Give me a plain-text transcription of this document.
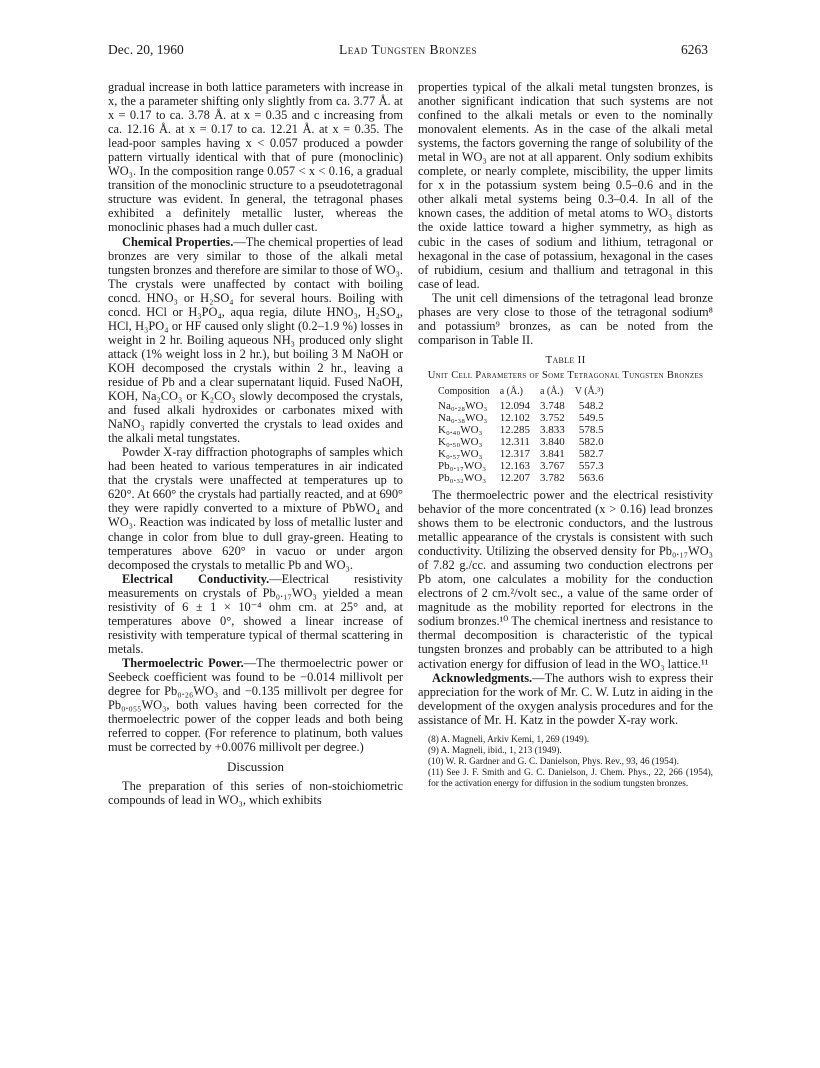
Dec. 20, 1960	Lead Tungsten Bronzes	6263

gradual increase in both lattice parameters with increase in x, the a parameter shifting only slightly from ca. 3.77 Å. at x = 0.17 to ca. 3.78 Å. at x = 0.35 and c increasing from ca. 12.16 Å. at x = 0.17 to ca. 12.21 Å. at x = 0.35. The lead-poor samples having x < 0.057 produced a powder pattern virtually identical with that of pure (monoclinic) WO₃. In the composition range 0.057 < x < 0.16, a gradual transition of the monoclinic structure to a pseudotetragonal structure was evident. In general, the tetragonal phases exhibited a definitely metallic luster, whereas the monoclinic phases had a much duller cast.

Chemical Properties.—The chemical properties of lead bronzes are very similar to those of the alkali metal tungsten bronzes and therefore are similar to those of WO₃. The crystals were unaffected by contact with boiling concd. HNO₃ or H₂SO₄ for several hours. Boiling with concd. HCl or H₃PO₄, aqua regia, dilute HNO₃, H₂SO₄, HCl, H₃PO₄ or HF caused only slight (0.2–1.9 %) losses in weight in 2 hr. Boiling aqueous NH₃ produced only slight attack (1% weight loss in 2 hr.), but boiling 3 M NaOH or KOH decomposed the crystals within 2 hr., leaving a residue of Pb and a clear supernatant liquid. Fused NaOH, KOH, Na₂CO₃ or K₂CO₃ slowly decomposed the crystals, and fused alkali hydroxides or carbonates mixed with NaNO₃ rapidly converted the crystals to lead oxides and the alkali metal tungstates.

Powder X-ray diffraction photographs of samples which had been heated to various temperatures in air indicated that the crystals were unaffected at temperatures up to 620°. At 660° the crystals had partially reacted, and at 690° they were rapidly converted to a mixture of PbWO₄ and WO₃. Reaction was indicated by loss of metallic luster and change in color from blue to dull gray-green. Heating to temperatures above 620° in vacuo or under argon decomposed the crystals to metallic Pb and WO₃.

Electrical Conductivity.—Electrical resistivity measurements on crystals of Pb₀.₁₇WO₃ yielded a mean resistivity of 6 ± 1 × 10⁻⁴ ohm cm. at 25° and, at temperatures above 0°, showed a linear increase of resistivity with temperature typical of thermal scattering in metals.

Thermoelectric Power.—The thermoelectric power or Seebeck coefficient was found to be −0.014 millivolt per degree for Pb₀.₂₆WO₃ and −0.135 millivolt per degree for Pb₀.₀₅₅WO₃, both values having been corrected for the thermoelectric power of the copper leads and both being referred to copper. (For reference to platinum, both values must be corrected by +0.0076 millivolt per degree.)

Discussion

The preparation of this series of non-stoichiometric compounds of lead in WO₃, which exhibits

properties typical of the alkali metal tungsten bronzes, is another significant indication that such systems are not confined to the alkali metals or even to the nominally monovalent elements. As in the case of the alkali metal systems, the factors governing the range of solubility of the metal in WO₃ are not at all apparent. Only sodium exhibits complete, or nearly complete, miscibility, the upper limits for x in the potassium system being 0.5–0.6 and in the other alkali metal systems being 0.3–0.4. In all of the known cases, the addition of metal atoms to WO₃ distorts the oxide lattice toward a higher symmetry, as high as cubic in the cases of sodium and lithium, tetragonal or hexagonal in the case of potassium, hexagonal in the cases of rubidium, cesium and thallium and tetragonal in this case of lead.

The unit cell dimensions of the tetragonal lead bronze phases are very close to those of the tetragonal sodium⁸ and potassium⁹ bronzes, as can be noted from the comparison in Table II.

Table II
Unit Cell Parameters of Some Tetragonal Tungsten Bronzes
Composition	a (Å.)	a (Å.)	V (Å.³)
Na₀.₂₈WO₃	12.094	3.748	548.2
Na₀.₃₈WO₃	12.102	3.752	549.5
K₀.₄₀WO₃	12.285	3.833	578.5
K₀.₅₀WO₃	12.311	3.840	582.0
K₀.₅₇WO₃	12.317	3.841	582.7
Pb₀.₁₇WO₃	12.163	3.767	557.3
Pb₀.₃₂WO₃	12.207	3.782	563.6

The thermoelectric power and the electrical resistivity behavior of the more concentrated (x > 0.16) lead bronzes shows them to be electronic conductors, and the lustrous metallic appearance of the crystals is consistent with such conductivity. Utilizing the observed density for Pb₀.₁₇WO₃ of 7.82 g./cc. and assuming two conduction electrons per Pb atom, one calculates a mobility for the conduction electrons of 2 cm.²/volt sec., a value of the same order of magnitude as the mobility reported for electrons in the sodium bronzes.¹⁰ The chemical inertness and resistance to thermal decomposition is characteristic of the typical tungsten bronzes and probably can be attributed to a high activation energy for diffusion of lead in the WO₃ lattice.¹¹

Acknowledgments.—The authors wish to express their appreciation for the work of Mr. C. W. Lutz in aiding in the development of the oxygen analysis procedures and for the assistance of Mr. H. Katz in the powder X-ray work.

(8) A. Magneli, Arkiv Kemi, 1, 269 (1949).
(9) A. Magneli, ibid., 1, 213 (1949).
(10) W. R. Gardner and G. C. Danielson, Phys. Rev., 93, 46 (1954).
(11) See J. F. Smith and G. C. Danielson, J. Chem. Phys., 22, 266 (1954), for the activation energy for diffusion in the sodium tungsten bronzes.
